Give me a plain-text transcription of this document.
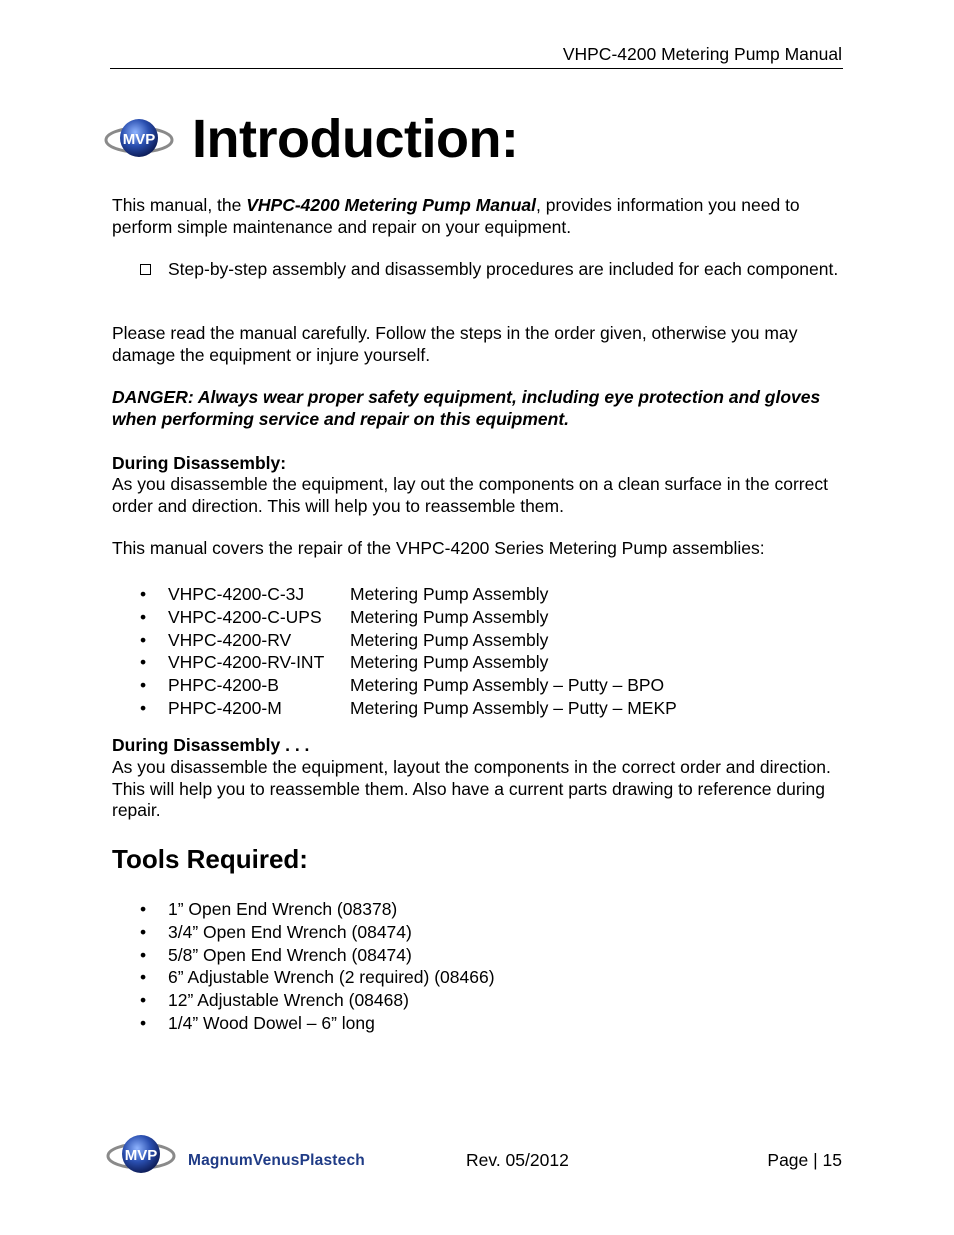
VHPC-4200 Metering Pump Manual
MVP Introduction:

This manual, the VHPC-4200 Metering Pump Manual, provides information you need to perform simple maintenance and repair on your equipment.

Step-by-step assembly and disassembly procedures are included for each component.

Please read the manual carefully. Follow the steps in the order given, otherwise you may damage the equipment or injure yourself.

DANGER: Always wear proper safety equipment, including eye protection and gloves when performing service and repair on this equipment.

During Disassembly:

As you disassemble the equipment, lay out the components on a clean surface in the correct order and direction. This will help you to reassemble them.

This manual covers the repair of the VHPC-4200 Series Metering Pump assemblies:

• VHPC-4200-C-3J	Metering Pump Assembly
• VHPC-4200-C-UPS Metering Pump Assembly
• VHPC-4200-RV	Metering Pump Assembly
• VHPC-4200-RV-INT Metering Pump Assembly
• PHPC-4200-B	Metering Pump Assembly – Putty – BPO
• PHPC-4200-M	Metering Pump Assembly – Putty – MEKP
During Disassembly . . .

As you disassemble the equipment, layout the components in the correct order and direction. This will help you to reassemble them. Also have a current parts drawing to reference during repair.

Tools Required:
• 1” Open End Wrench (08378)
• 3/4” Open End Wrench (08474)
• 5/8” Open End Wrench (08474)
• 6” Adjustable Wrench (2 required) (08466)
• 12” Adjustable Wrench (08468)
• 1/4” Wood Dowel – 6” long
MVP MagnumVenusPlastech	Rev. 05/2012	Page | 15
